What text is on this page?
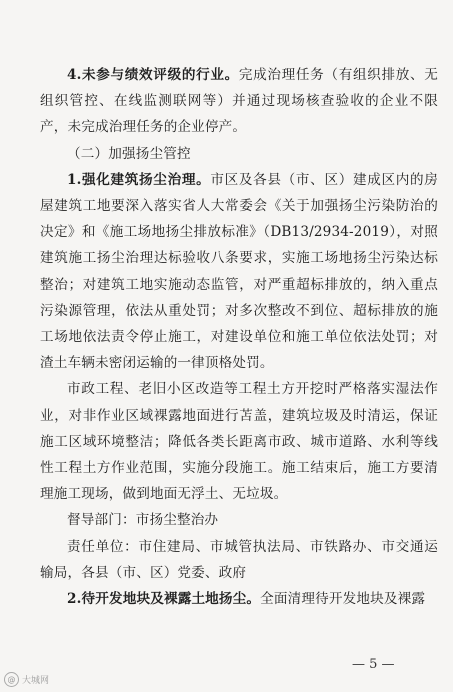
4.未参与绩效评级的行业。完成治理任务（有组织排放、无组织管控、在线监测联网等）并通过现场核查验收的企业不限产，未完成治理任务的企业停产。

（二）加强扬尘管控

1.强化建筑扬尘治理。市区及各县（市、区）建成区内的房屋建筑工地要深入落实省人大常委会《关于加强扬尘污染防治的决定》和《施工场地扬尘排放标准》（DB13/2934-2019），对照建筑施工扬尘治理达标验收八条要求，实施工场地扬尘污染达标整治；对建筑工地实施动态监管，对严重超标排放的，纳入重点污染源管理，依法从重处罚；对多次整改不到位、超标排放的施工场地依法责令停止施工，对建设单位和施工单位依法处罚；对渣土车辆未密闭运输的一律顶格处罚。

市政工程、老旧小区改造等工程土方开挖时严格落实湿法作业，对非作业区域裸露地面进行苫盖，建筑垃圾及时清运，保证施工区域环境整洁；降低各类长距离市政、城市道路、水利等线性工程土方作业范围，实施分段施工。施工结束后，施工方要清理施工现场，做到地面无浮土、无垃圾。

督导部门：市扬尘整治办

责任单位：市住建局、市城管执法局、市铁路办、市交通运输局，各县（市、区）党委、政府

2.待开发地块及裸露土地扬尘。全面清理待开发地块及裸露

— 5 —
@ 大城网
